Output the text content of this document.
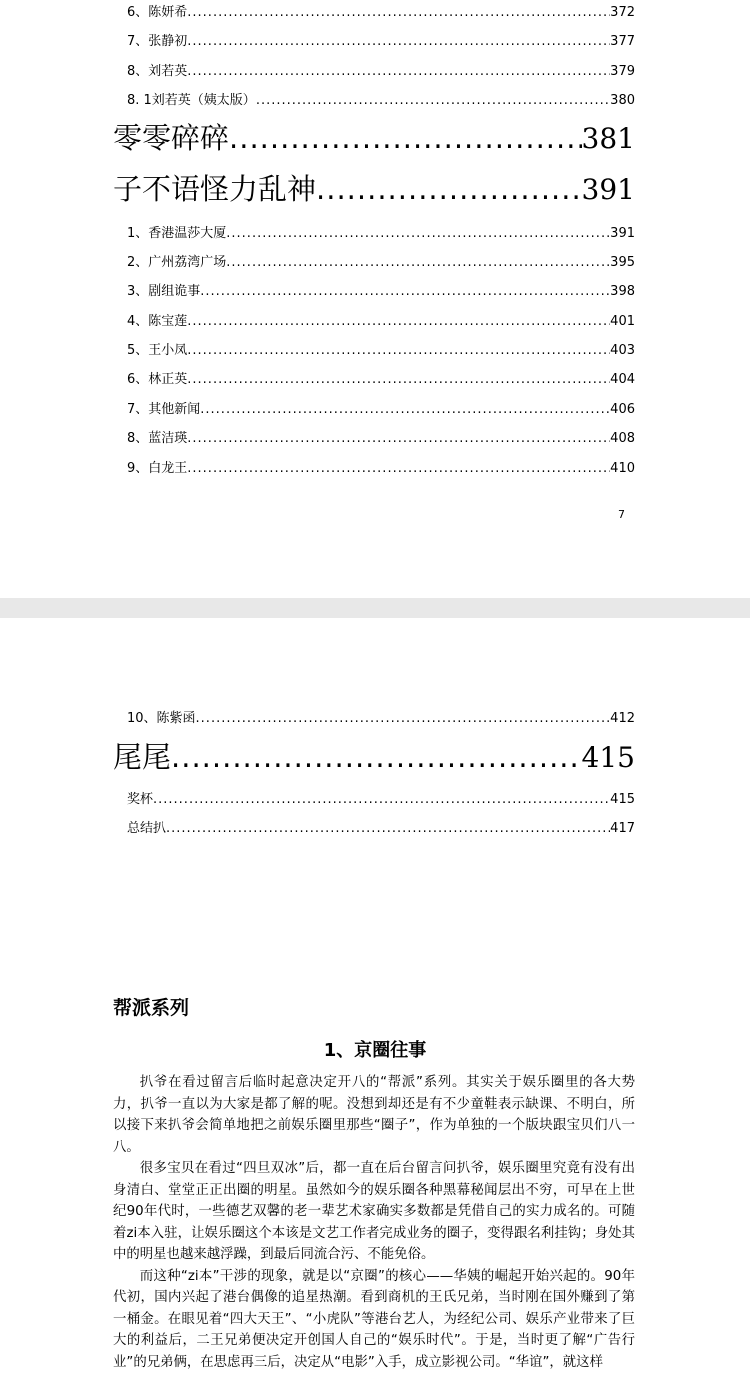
6、陈妍希 .....	372
7、张静初 .....	377
8、刘若英 .....	379
8. 1刘若英（姨太版） .....	380
零零碎碎 .....	381
子不语怪力乱神 .....	391
1、香港温莎大厦 .....	391
2、广州荔湾广场 .....	395
3、剧组诡事 .....	398
4、陈宝莲 .....	401
5、王小凤 .....	403
6、林正英 .....	404
7、其他新闻 .....	406
8、蓝洁瑛 .....	408
9、白龙王 .....	410
7
10、陈紫函 .....	412
尾尾 .....	415
奖杯 .....	415
总结扒 .....	417
帮派系列
1、京圈往事

扒爷在看过留言后临时起意决定开八的“帮派”系列。其实关于娱乐圈里的各大势力，扒爷一直以为大家是都了解的呢。没想到却还是有不少童鞋表示缺课、不明白，所以接下来扒爷会简单地把之前娱乐圈里那些“圈子”，作为单独的一个版块跟宝贝们八一八。

很多宝贝在看过“四旦双冰”后，都一直在后台留言问扒爷，娱乐圈里究竟有没有出身清白、堂堂正正出圈的明星。虽然如今的娱乐圈各种黑幕秘闻层出不穷，可早在上世纪90年代时，一些德艺双馨的老一辈艺术家确实多数都是凭借自己的实力成名的。可随着zi本入驻，让娱乐圈这个本该是文艺工作者完成业务的圈子，变得跟名利挂钩；身处其中的明星也越来越浮躁，到最后同流合污、不能免俗。

而这种“zi本”干涉的现象，就是以“京圈”的核心——华姨的崛起开始兴起的。90年代初，国内兴起了港台偶像的追星热潮。看到商机的王氏兄弟，当时刚在国外赚到了第一桶金。在眼见着“四大天王”、“小虎队”等港台艺人，为经纪公司、娱乐产业带来了巨大的利益后，二王兄弟便决定开创国人自己的“娱乐时代”。于是，当时更了解“广告行业”的兄弟俩，在思虑再三后，决定从“电影”入手，成立影视公司。“华谊”，就这样
